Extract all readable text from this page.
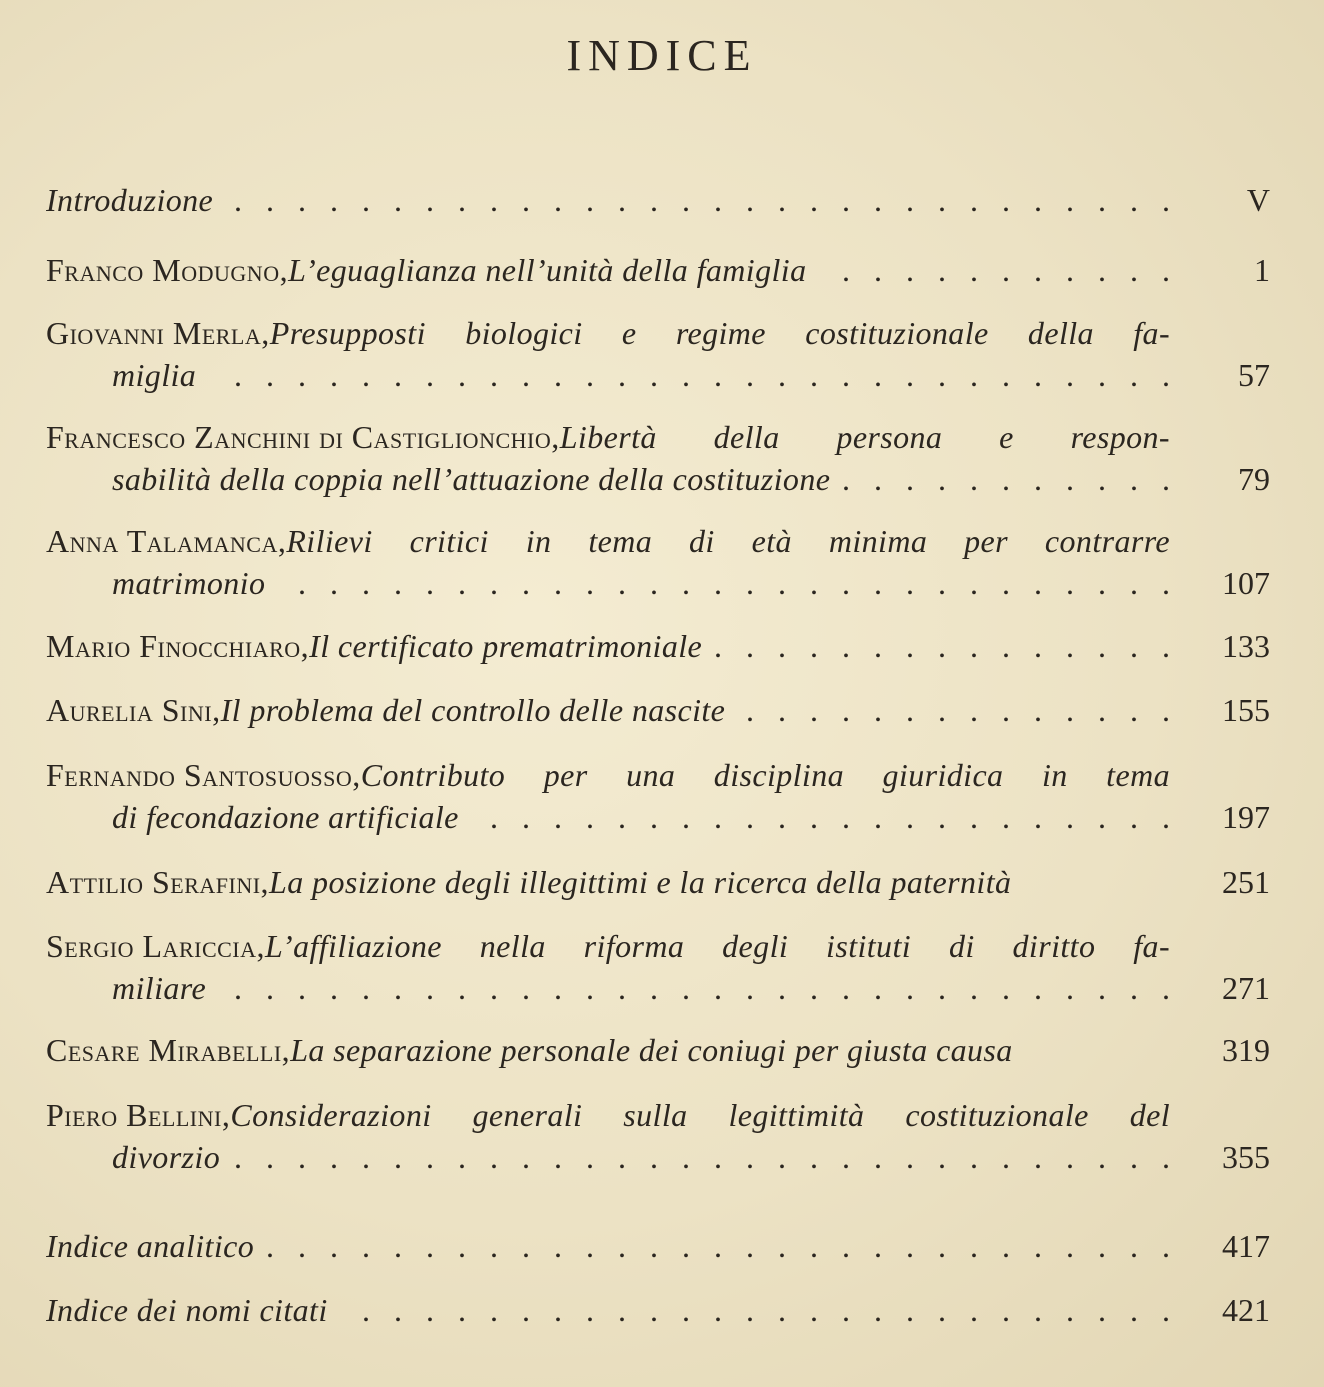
INDICE
Introduzione . . .	V
Franco Modugno, L’eguaglianza nell’unità della famiglia . . .	1
Giovanni Merla, Presupposti biologici e regime costituzionale della fa-
miglia . . .	57
Francesco Zanchini di Castiglionchio, Libertà della persona e respon-
sabilità della coppia nell’attuazione della costituzione . . .	79
Anna Talamanca, Rilievi critici in tema di età minima per contrarre
matrimonio . . .	107
Mario Finocchiaro, Il certificato prematrimoniale . . .	133
Aurelia Sini, Il problema del controllo delle nascite . . .	155
Fernando Santosuosso, Contributo per una disciplina giuridica in tema
di fecondazione artificiale . . .	197
Attilio Serafini, La posizione degli illegittimi e la ricerca della paternità	251
Sergio Lariccia, L’affiliazione nella riforma degli istituti di diritto fa-
miliare . . .	271
Cesare Mirabelli, La separazione personale dei coniugi per giusta causa	319
Piero Bellini, Considerazioni generali sulla legittimità costituzionale del
divorzio . . .	355
Indice analitico . . .	417
Indice dei nomi citati . . .	421
